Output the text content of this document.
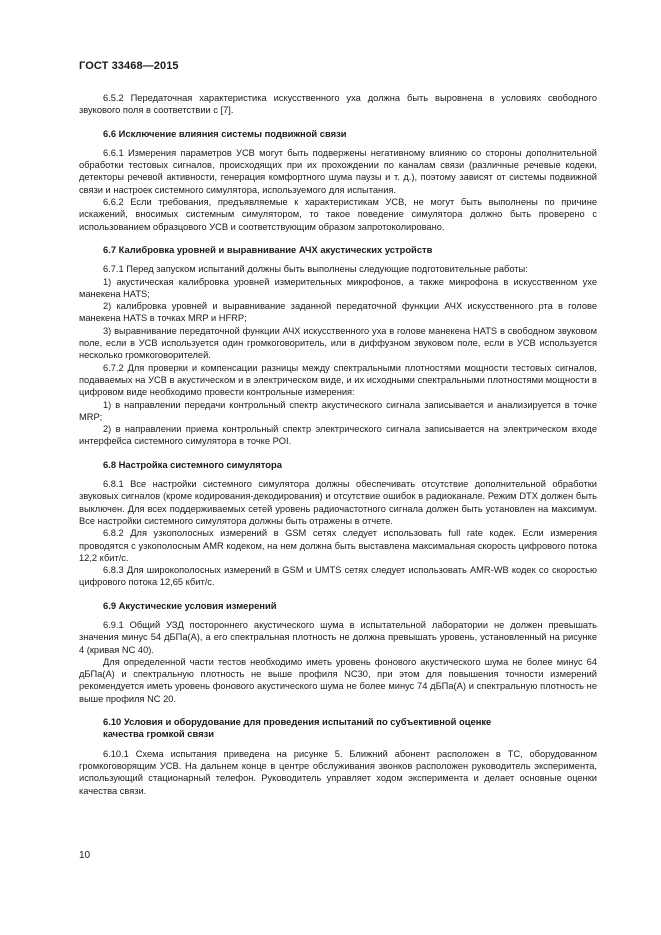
ГОСТ 33468—2015

6.5.2 Передаточная характеристика искусственного уха должна быть выровнена в условиях свободного звукового поля в соответствии с [7].

6.6 Исключение влияния системы подвижной связи

6.6.1 Измерения параметров УСВ могут быть подвержены негативному влиянию со стороны дополнительной обработки тестовых сигналов, происходящих при их прохождении по каналам связи (различные речевые кодеки, детекторы речевой активности, генерация комфортного шума паузы и т. д.), поэтому зависят от системы подвижной связи и настроек системного симулятора, используемого для испытания.

6.6.2 Если требования, предъявляемые к характеристикам УСВ, не могут быть выполнены по причине искажений, вносимых системным симулятором, то такое поведение симулятора должно быть проверено с использованием образцового УСВ и соответствующим образом запротоколировано.

6.7 Калибровка уровней и выравнивание АЧХ акустических устройств

6.7.1 Перед запуском испытаний должны быть выполнены следующие подготовительные работы:

1) акустическая калибровка уровней измерительных микрофонов, а также микрофона в искусственном ухе манекена HATS;

2) калибровка уровней и выравнивание заданной передаточной функции АЧХ искусственного рта в голове манекена HATS в точках MRP и HFRP;

3) выравнивание передаточной функции АЧХ искусственного уха в голове манекена HATS в свободном звуковом поле, если в УСВ используется один громкоговоритель, или в диффузном звуковом поле, если в УСВ используется несколько громкоговорителей.

6.7.2 Для проверки и компенсации разницы между спектральными плотностями мощности тестовых сигналов, подаваемых на УСВ в акустическом и в электрическом виде, и их исходными спектральными плотностями мощности в цифровом виде необходимо провести контрольные измерения:

1) в направлении передачи контрольный спектр акустического сигнала записывается и анализируется в точке MRP;

2) в направлении приема контрольный спектр электрического сигнала записывается на электрическом входе интерфейса системного симулятора в точке POI.

6.8 Настройка системного симулятора

6.8.1 Все настройки системного симулятора должны обеспечивать отсутствие дополнительной обработки звуковых сигналов (кроме кодирования-декодирования) и отсутствие ошибок в радиоканале. Режим DTX должен быть выключен. Для всех поддерживаемых сетей уровень радиочастотного сигнала должен быть установлен на максимум. Все настройки системного симулятора должны быть отражены в отчете.

6.8.2 Для узкополосных измерений в GSM сетях следует использовать full rate кодек. Если измерения проводятся с узкополосным AMR кодеком, на нем должна быть выставлена максимальная скорость цифрового потока 12,2 кбит/с.

6.8.3 Для широкополосных измерений в GSM и UMTS сетях следует использовать AMR-WB кодек со скоростью цифрового потока 12,65 кбит/с.

6.9 Акустические условия измерений

6.9.1 Общий УЗД постороннего акустического шума в испытательной лаборатории не должен превышать значения минус 54 дБПа(А), а его спектральная плотность не должна превышать уровень, установленный на рисунке 4 (кривая NC 40).

Для определенной части тестов необходимо иметь уровень фонового акустического шума не более минус 64 дБПа(А) и спектральную плотность не выше профиля NC30, при этом для повышения точности измерений рекомендуется иметь уровень фонового акустического шума не более минус 74 дБПа(А) и спектральную плотность не выше профиля NC 20.

6.10 Условия и оборудование для проведения испытаний по субъективной оценке
качества громкой связи

6.10.1 Схема испытания приведена на рисунке 5. Ближний абонент расположен в ТС, оборудованном громкоговорящим УСВ. На дальнем конце в центре обслуживания звонков расположен руководитель эксперимента, использующий стационарный телефон. Руководитель управляет ходом эксперимента и делает основные оценки качества связи.

10
